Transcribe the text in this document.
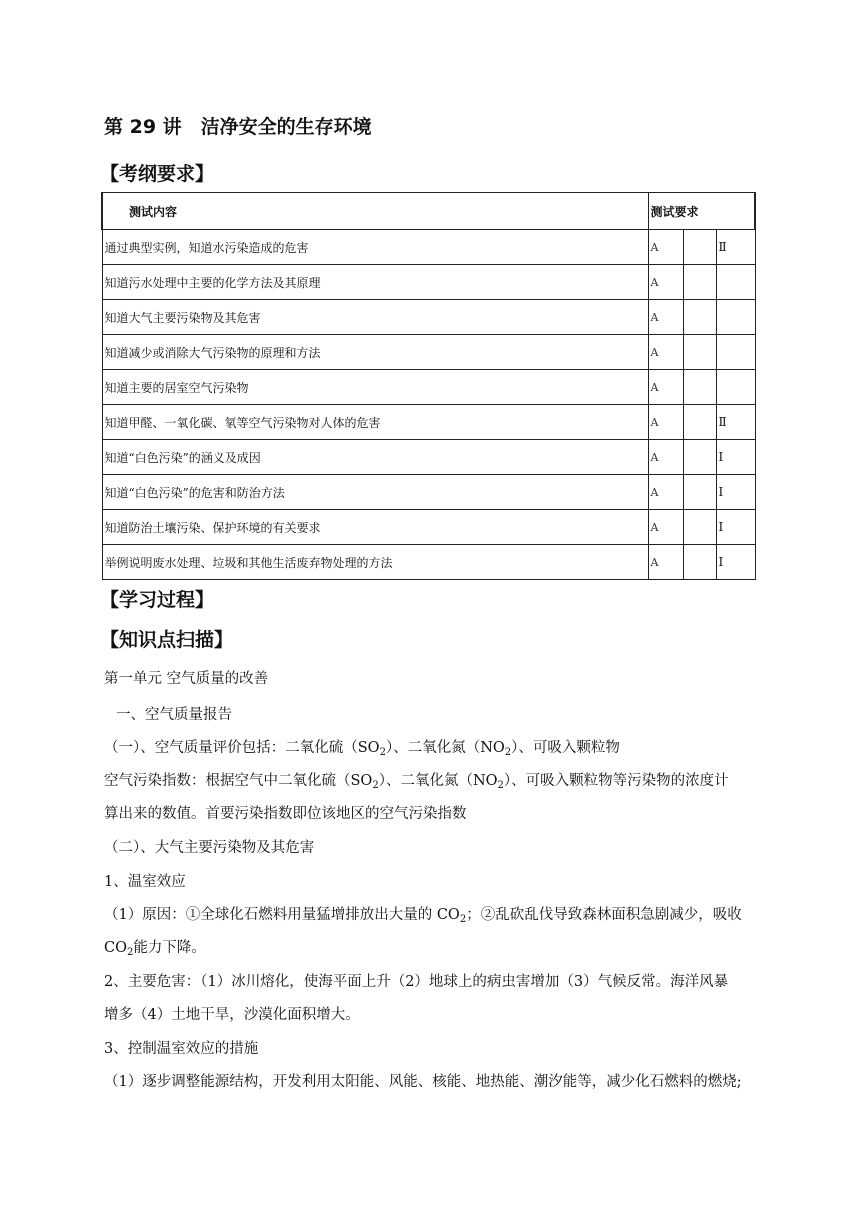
第 29 讲　洁净安全的生存环境
【考纲要求】
测试内容	测试要求		
通过典型实例，知道水污染造成的危害	A		Ⅱ
知道污水处理中主要的化学方法及其原理	A		
知道大气主要污染物及其危害	A		
知道减少或消除大气污染物的原理和方法	A		
知道主要的居室空气污染物	A		
知道甲醛、一氧化碳、氡等空气污染物对人体的危害	A		Ⅱ
知道“白色污染”的涵义及成因	A		Ⅰ
知道“白色污染”的危害和防治方法	A		Ⅰ
知道防治土壤污染、保护环境的有关要求	A		Ⅰ
举例说明废水处理、垃圾和其他生活废弃物处理的方法	A		Ⅰ
【学习过程】
【知识点扫描】
第一单元 空气质量的改善
一、空气质量报告
（一）、空气质量评价包括：二氧化硫$(SO_2)$、二氧化氮$(NO_2)$、可吸入颗粒物
空气污染指数：根据空气中二氧化硫$(SO_2)$、二氧化氮$(NO_2)$、可吸入颗粒物等污染物的浓度计
算出来的数值。首要污染指数即位该地区的空气污染指数
（二）、大气主要污染物及其危害
1、温室效应
（1）原因：①全球化石燃料用量猛增排放出大量的 $CO_2$；②乱砍乱伐导致森林面积急剧减少，吸收
$CO_2$能力下降。
2、主要危害：（1）冰川熔化，使海平面上升（2）地球上的病虫害增加（3）气候反常。海洋风暴
增多（4）土地干旱，沙漠化面积增大。
3、控制温室效应的措施
（1）逐步调整能源结构，开发利用太阳能、风能、核能、地热能、潮汐能等，减少化石燃料的燃烧;
